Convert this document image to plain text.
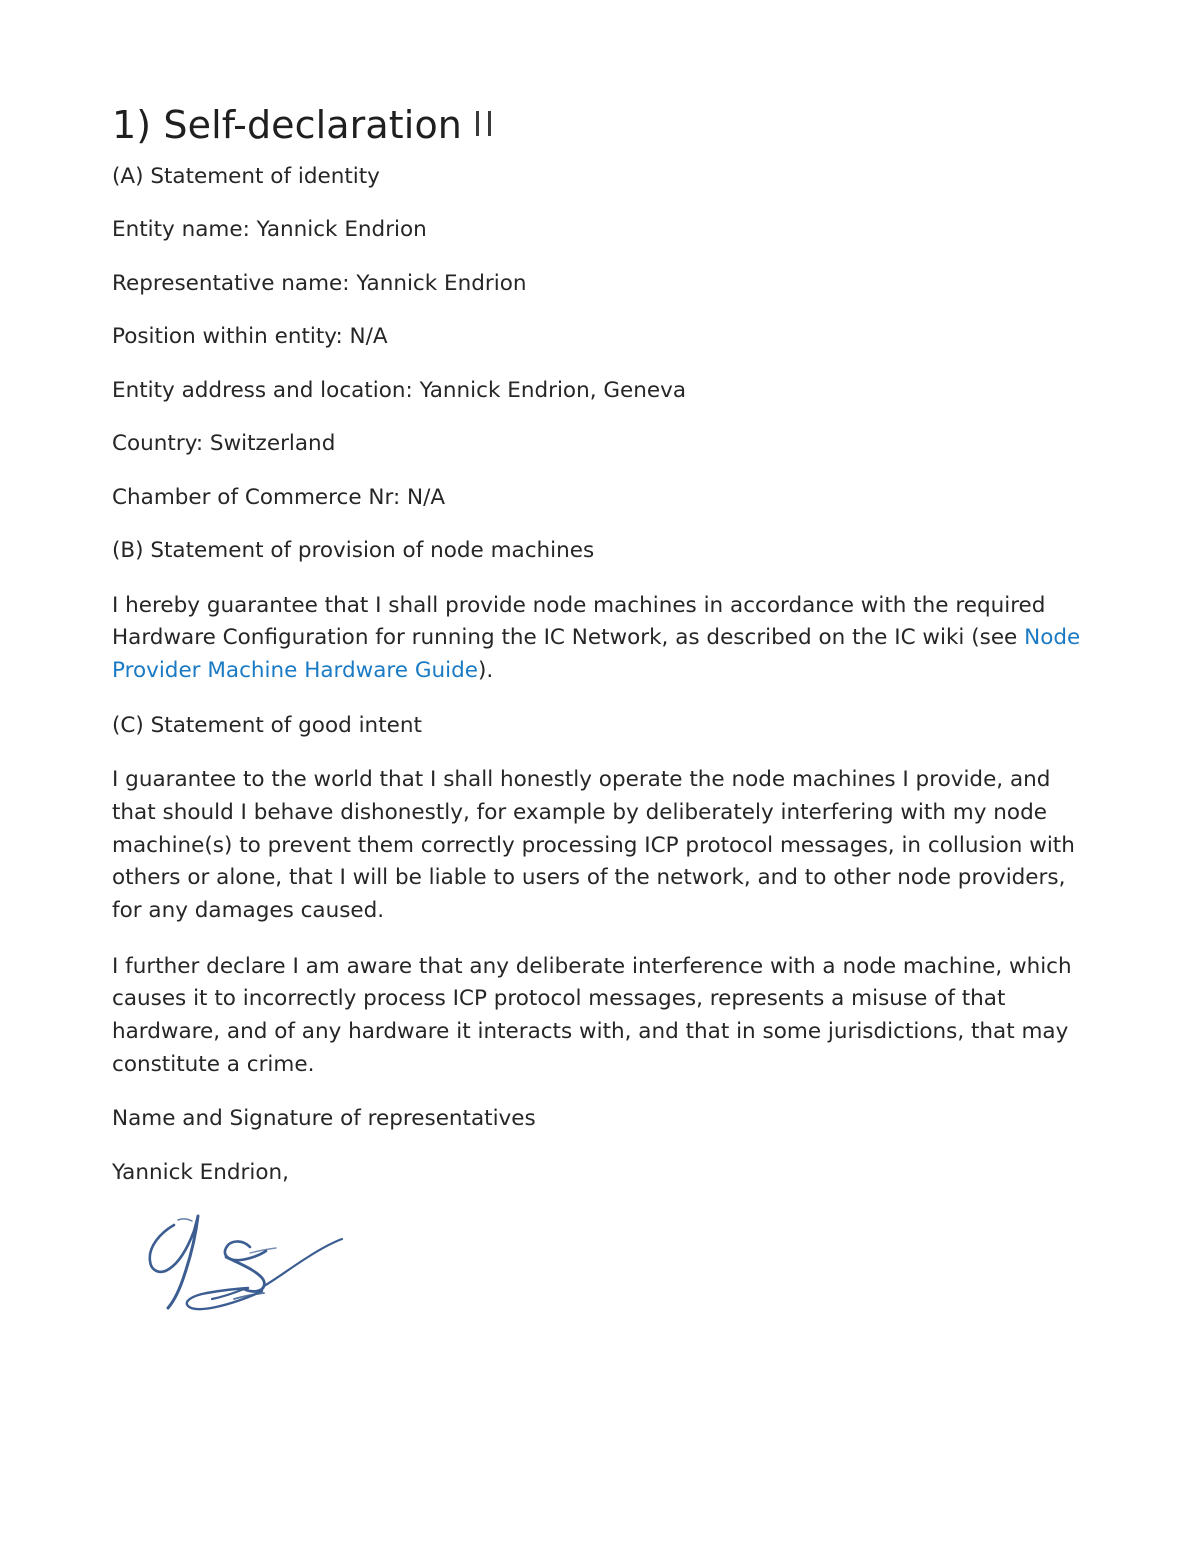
1) Self-declaration

(A) Statement of identity

Entity name: Yannick Endrion

Representative name: Yannick Endrion

Position within entity: N/A

Entity address and location: Yannick Endrion, Geneva

Country: Switzerland

Chamber of Commerce Nr: N/A

(B) Statement of provision of node machines

I hereby guarantee that I shall provide node machines in accordance with the required Hardware Configuration for running the IC Network, as described on the IC wiki (see Node Provider Machine Hardware Guide).

(C) Statement of good intent

I guarantee to the world that I shall honestly operate the node machines I provide, and that should I behave dishonestly, for example by deliberately interfering with my node machine(s) to prevent them correctly processing ICP protocol messages, in collusion with others or alone, that I will be liable to users of the network, and to other node providers, for any damages caused.

I further declare I am aware that any deliberate interference with a node machine, which causes it to incorrectly process ICP protocol messages, represents a misuse of that hardware, and of any hardware it interacts with, and that in some jurisdictions, that may constitute a crime.

Name and Signature of representatives

Yannick Endrion,
